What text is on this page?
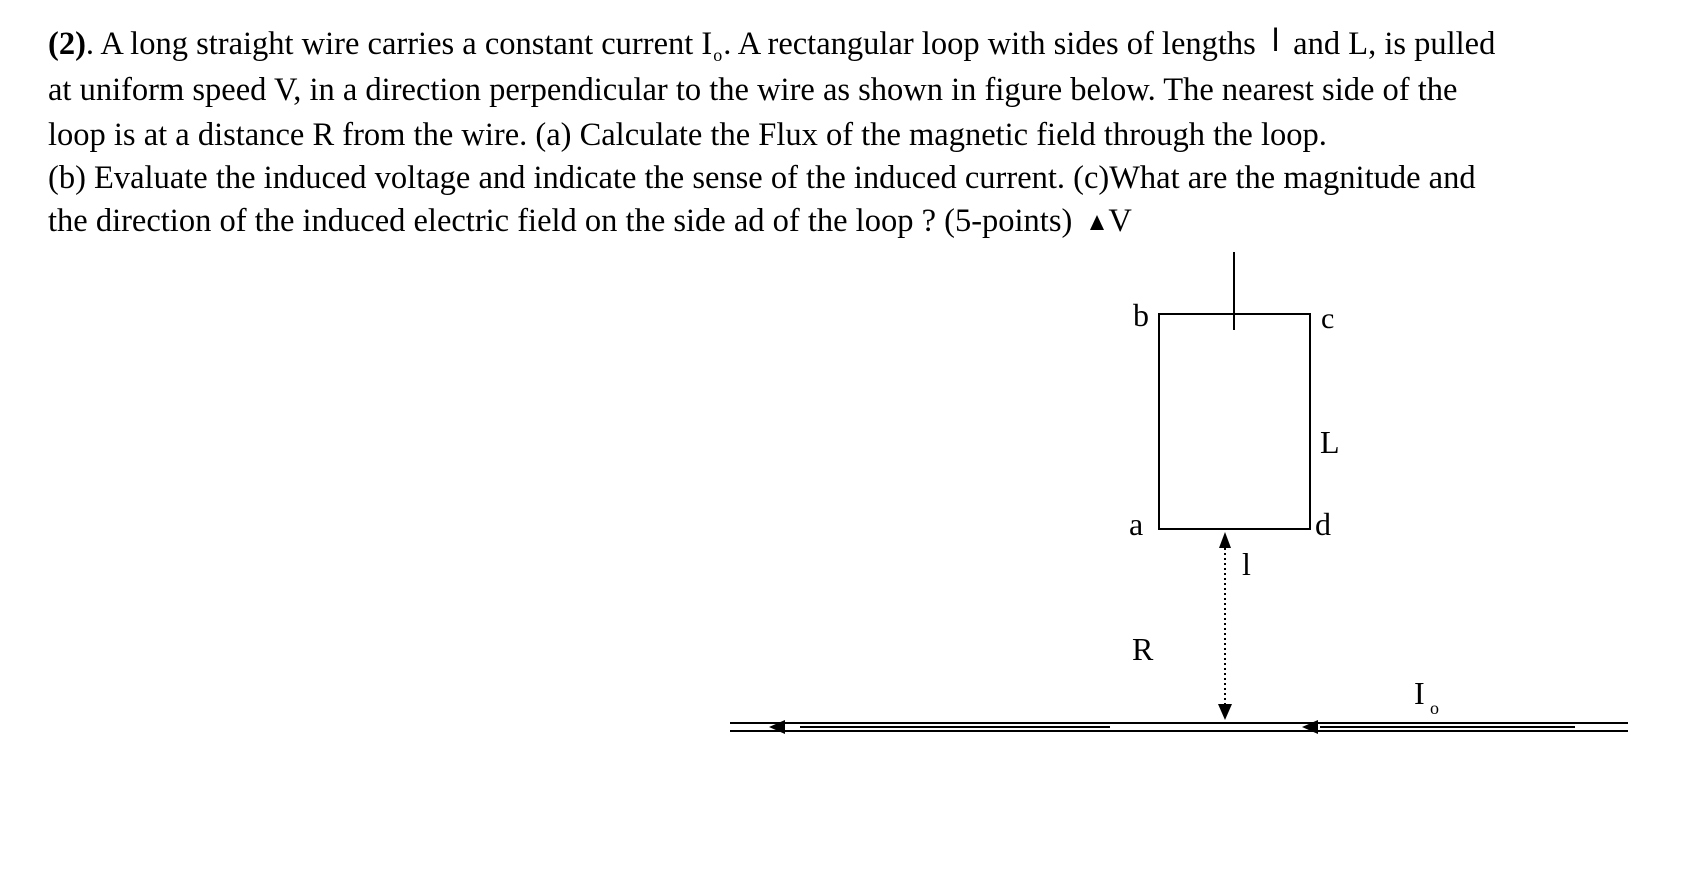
(2). A long straight wire carries a constant current $I_o$. A rectangular loop with sides of lengths l and L, is pulled
at uniform speed V, in a direction perpendicular to the wire as shown in figure below. The nearest side of the
loop is at a distance R from the wire. (a) Calculate the Flux of the magnetic field through the loop.
(b) Evaluate the induced voltage and indicate the sense of the induced current. (c)What are the magnitude and
the direction of the induced electric field on the side ad of the loop ? (5-points) V
b	c
a	d
L
l
R
I o
